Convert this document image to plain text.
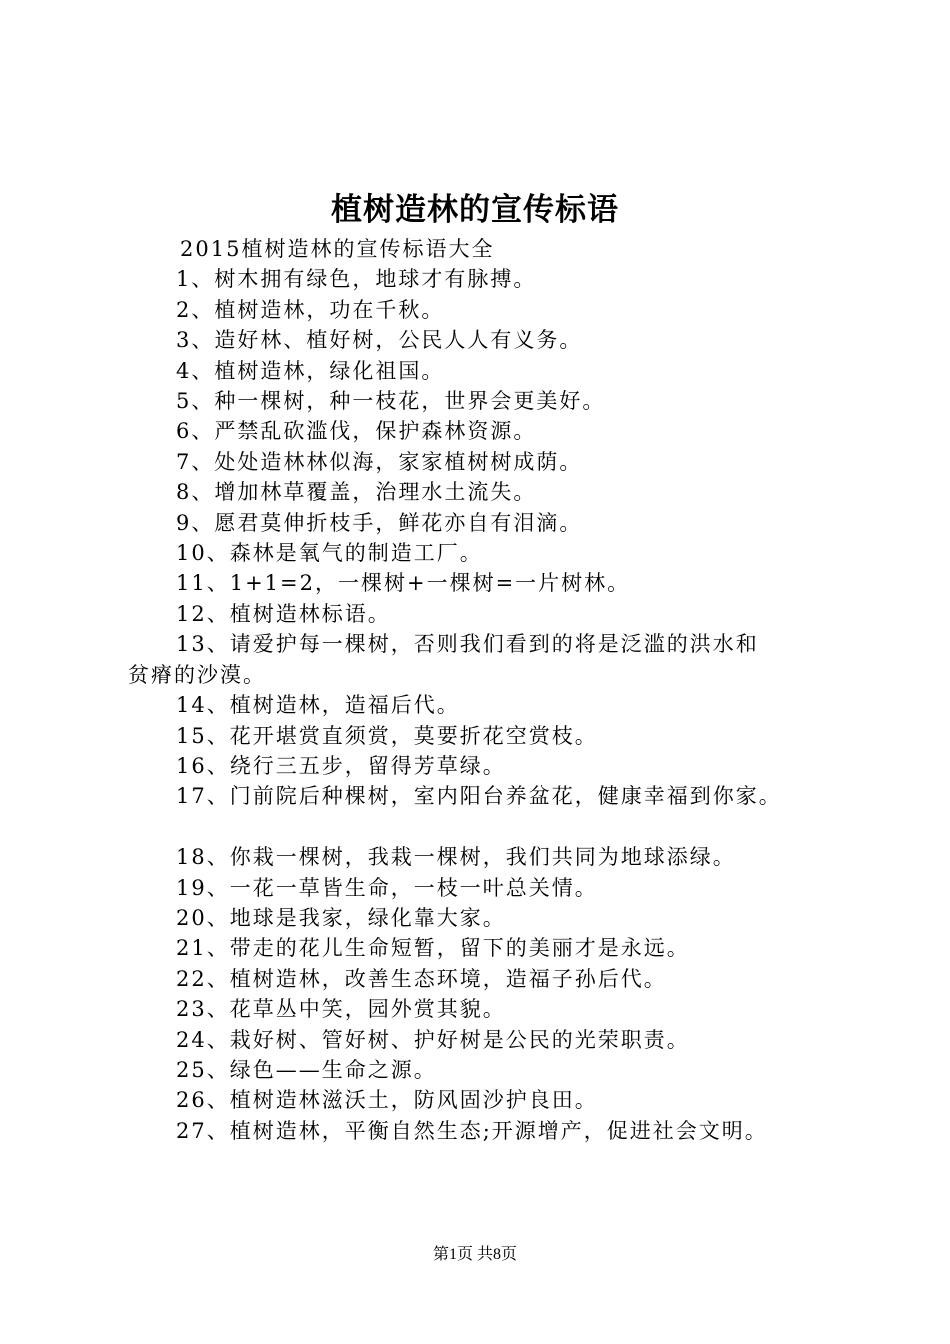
植树造林的宣传标语
2015植树造林的宣传标语大全
1、树木拥有绿色，地球才有脉搏。
2、植树造林，功在千秋。
3、造好林、植好树，公民人人有义务。
4、植树造林，绿化祖国。
5、种一棵树，种一枝花，世界会更美好。
6、严禁乱砍滥伐，保护森林资源。
7、处处造林林似海，家家植树树成荫。
8、增加林草覆盖，治理水土流失。
9、愿君莫伸折枝手，鲜花亦自有泪滴。
10、森林是氧气的制造工厂。
11、1+1=2，一棵树+一棵树=一片树林。
12、植树造林标语。
13、请爱护每一棵树，否则我们看到的将是泛滥的洪水和
贫瘠的沙漠。
14、植树造林，造福后代。
15、花开堪赏直须赏，莫要折花空赏枝。
16、绕行三五步，留得芳草绿。
17、门前院后种棵树，室内阳台养盆花，健康幸福到你家。
18、你栽一棵树，我栽一棵树，我们共同为地球添绿。
19、一花一草皆生命，一枝一叶总关情。
20、地球是我家，绿化靠大家。
21、带走的花儿生命短暂，留下的美丽才是永远。
22、植树造林，改善生态环境，造福子孙后代。
23、花草丛中笑，园外赏其貌。
24、栽好树、管好树、护好树是公民的光荣职责。
25、绿色——生命之源。
26、植树造林滋沃土，防风固沙护良田。
27、植树造林，平衡自然生态;开源增产，促进社会文明。
第1页 共8页
